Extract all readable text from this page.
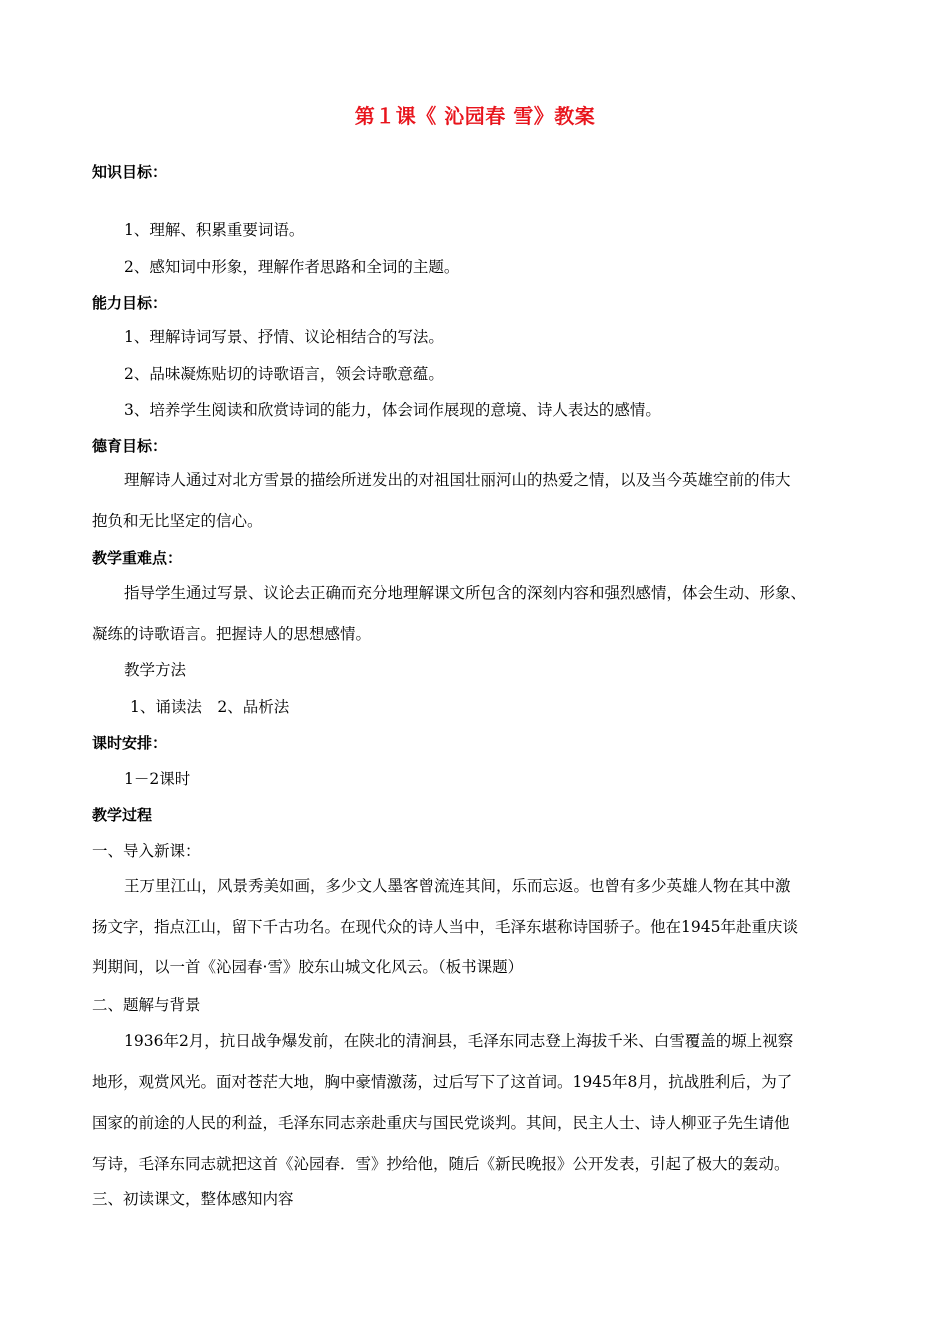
第１课《 沁园春 雪》教案
知识目标：
1、理解、积累重要词语。
2、感知词中形象，理解作者思路和全词的主题。
能力目标：
1、理解诗词写景、抒情、议论相结合的写法。
2、品味凝炼贴切的诗歌语言，领会诗歌意蕴。
3、培养学生阅读和欣赏诗词的能力，体会词作展现的意境、诗人表达的感情。
德育目标：
理解诗人通过对北方雪景的描绘所迸发出的对祖国壮丽河山的热爱之情，以及当今英雄空前的伟大
抱负和无比坚定的信心。
教学重难点：
指导学生通过写景、议论去正确而充分地理解课文所包含的深刻内容和强烈感情，体会生动、形象、
凝练的诗歌语言。把握诗人的思想感情。
教学方法
1、诵读法　2、品析法
课时安排：
1－2课时
教学过程
一、导入新课：
王万里江山，风景秀美如画，多少文人墨客曾流连其间，乐而忘返。也曾有多少英雄人物在其中激
扬文字，指点江山，留下千古功名。在现代众的诗人当中，毛泽东堪称诗国骄子。他在1945年赴重庆谈
判期间，以一首《沁园春·雪》胶东山城文化风云。（板书课题）
二、题解与背景
1936年2月，抗日战争爆发前，在陕北的清涧县，毛泽东同志登上海拔千米、白雪覆盖的塬上视察
地形，观赏风光。面对苍茫大地，胸中豪情激荡，过后写下了这首词。1945年8月，抗战胜利后，为了
国家的前途的人民的利益，毛泽东同志亲赴重庆与国民党谈判。其间，民主人士、诗人柳亚子先生请他
写诗，毛泽东同志就把这首《沁园春．雪》抄给他，随后《新民晚报》公开发表，引起了极大的轰动。
三、初读课文，整体感知内容
